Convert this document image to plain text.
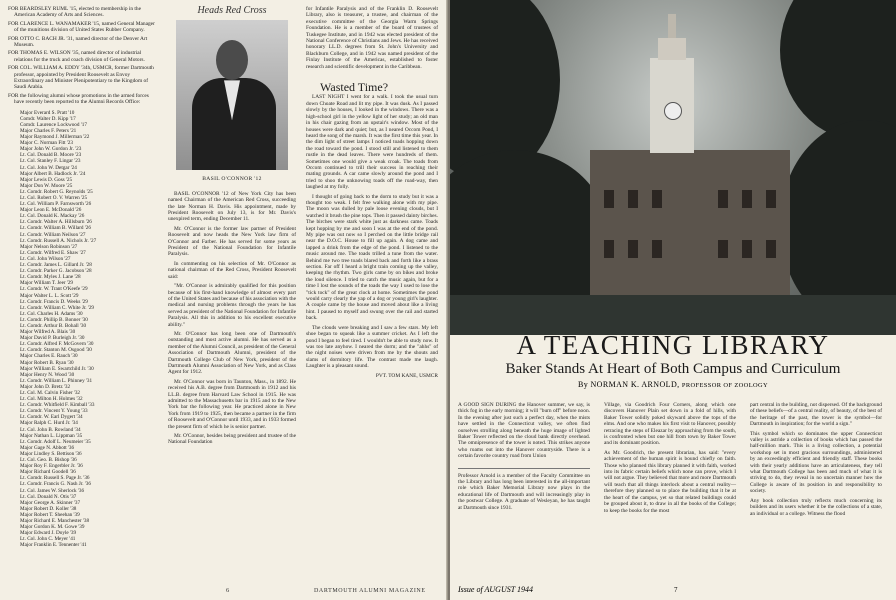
FOR BEARDSLEY RUML '15, elected to membership in the American Academy of Arts and Sciences.

FOR CLARENCE L. WANAMAKER '15, named General Manager of the munitions division of United States Rubber Company.

FOR OTTO C. BACH JR. '31, named director of the Denver Art Museum.

FOR THOMAS E. WILSON '35, named director of industrial relations for the truck and coach division of General Motors.

FOR COL. WILLIAM A. EDDY '34h, USMCR, former Dartmouth professor, appointed by President Roosevelt as Envoy Extraordinary and Minister Plenipotentiary to the Kingdom of Saudi Arabia.

FOR the following alumni whose promotions in the armed forces have recently been reported to the Alumni Records Office:

Major Everard S. Pratt '10
Comdr. Walter D. Kipp '17
Comdr. Laurence Lockwood '17
Major Charles F. Peters '21
Major Raymond J. Millerman '22
Major C. Norman Fitt '23
Major John W. Gordon Jr. '23
Lt. Col. Donald B. Moore '23
Lt. Col. Stanley F. Lingar '23
Lt. Col. John W. Detgar '24
Major Albert B. Hadlock Jr. '24
Major Lewis D. Goss '25
Major Don W. Moore '25
Lt. Comdr. Robert G. Reynolds '25
Lt. Col. Robert O. V. Warren '25
Lt. Col. William P. Farnsworth '26
Major Leon E. McDonald '26
Lt. Col. Donald K. Mackay '26
Lt. Comdr. Walter A. Hillsburn '26
Lt. Comdr. William B. Willard '26
Lt. Comdr. William Neilson '27
Lt. Comdr. Russell A. Nichols Jr. '27
Major Nelson Robinson '27
Lt. Comdr. Wilfred E. Shaw '27
Lt. Col. John Wilson '27
Lt. Comdr. James L. Gillard Jr. '28
Lt. Comdr. Parker G. Jacobson '28
Lt. Comdr. Myles J. Lane '28
Major William T. Jeer '29
Lt. Comdr. W. Trant O'Keefe '29
Major Walter L. L. Scott '29
Lt. Comdr. Francis D. Weeks '29
Lt. Comdr. William C. White Jr. '29
Lt. Col. Charles H. Adams '30
Lt. Comdr. Phillip B. Bonner '30
Lt. Comdr. Arthur B. Bohall '30
Major Wilfred A. Blais '30
Major David P. Burleigh Jr. '30
Lt. Comdr. Alfred F. McGovern '30
Lt. Comdr. Stanton M. Osgood '30
Major Charles E. Rauch '30
Major Robert B. Ryan '30
Major William E. Swartchild Jr. '30
Major Henry N. Wood '30
Lt. Comdr. William L. Phinney '31
Major John D. Bretz '32
Lt. Col. M. Calvin Fisher '32
Lt. Col. Milton H. Holmes '32
Lt. Comdr. Whitfield F. Kimball '33
Lt. Comdr. Vincent Y. Young '33
Lt. Comdr. W. Earl Dygert '34
Major Ralph C. Hurd Jr. '34
Lt. Col. John B. Rowland '34
Major Nathan L. Lippman '35
Lt. Comdr. Adolf L. Neumeier '35
Major Gage N. Abbott '36
Major Lindley S. Bettison '36
Lt. Col. Geo. B. Bishop '36
Major Roy F. Engerbler Jr. '36
Major Richard Goodell '36
Lt. Comdr. Russell S. Page Jr. '36
Lt. Comdr. Francis G. Nash Jr. '36
Lt. Col. James W. Sherlock '36
Lt. Col. Donald N. Otis '37
Major George A. Skinner '37
Major Robert D. Koller '38
Major Robert T. Sheehan '39
Major Richard E. Manchester '38
Major Gordon K. M. Gowe '39
Major Edward J. Doyle '39
Lt. Col. John C. Meyer '41
Major Franklin E. Tennenter '41
Heads Red Cross
BASIL O'CONNOR '12

BASIL O'CONNOR '12 of New York City has been named Chairman of the American Red Cross, succeeding the late Norman H. Davis. His appointment, made by President Roosevelt on July 13, is for Mr. Davis's unexpired term, ending December 11.

Mr. O'Connor is the former law partner of President Roosevelt and now heads the New York law firm of O'Connor and Farber. He has served for some years as President of the National Foundation for Infantile Paralysis.

In commenting on his selection of Mr. O'Connor as national chairman of the Red Cross, President Roosevelt said:

"Mr. O'Connor is admirably qualified for this position because of his first-hand knowledge of almost every part of the United States and because of his association with the medical and nursing problems through the years he has served as president of the National Foundation for Infantile Paralysis. All this in addition to his excellent executive ability."

Mr. O'Connor has long been one of Dartmouth's outstanding and most active alumni. He has served as a member of the Alumni Council, as president of the General Association of Dartmouth Alumni, president of the Dartmouth College Club of New York, president of the Dartmouth Alumni Association of New York, and as Class Agent for 1912.

Mr. O'Connor was born in Taunton, Mass., in 1892. He received his A.B. degree from Dartmouth in 1912 and his LL.B. degree from Harvard Law School in 1915. He was admitted to the Massachusetts bar in 1915 and to the New York bar the following year. He practiced alone in New York from 1919 to 1925, then became a partner in the firm of Roosevelt and O'Connor until 1933, and in 1933 formed the present firm of which he is senior partner.

Mr. O'Connor, besides being president and trustee of the National Foundation

6

for Infantile Paralysis and of the Franklin D. Roosevelt Library, also is treasurer, a trustee, and chairman of the executive committee of the Georgia Warm Springs Foundation. He is a member of the board of trustees of Tuskegee Institute, and in 1942 was elected president of the National Conference of Christians and Jews. He has received honorary LL.D. degrees from St. John's University and Blackburn College, and in 1942 was named president of the Finlay Institute of the Americas, established to foster research and scientific development in the Caribbean.

Wasted Time?

LAST NIGHT I went for a walk. I took the usual turn down Choate Road and lit my pipe. It was dusk. As I passed slowly by the houses, I looked in the windows. There was a high-school girl in the yellow light of her study; an old man in his chair gazing from an upstair's window. Most of the houses were dark and quiet; but, as I neared Occom Pond, I heard the song of the marsh. It was the first time this year. In the dim light of street lamps I noticed toads hopping down the road toward the pond. I stood still and listened to them rustle in the dead leaves. There were hundreds of them. Sometimes one would give a weak croak. The toads from Occom continued to trill their success in reaching their mating grounds. A car came slowly around the pond and I tried to shoo the unknowing toads off the road-way, then laughed at my folly.

I thought of going back to the dorm to study but it was a thought too weak. I felt free walking alone with my pipe. The moon was dulled by pale loose evening clouds, but I watched it brush the pine tops. Then it passed dainty birches. The birches were stark white just as darkness came. Toads kept hopping by me and soon I was at the end of the pond. My pipe was out now so I perched on the little bridge rail near the D.O.C. House to fill up again. A dog came and lapped a drink from the edge of the pond. I listened to the music around me. The toads trilled a tune from the water. Behind me two tree toads blared back and forth like a brass section. Far off I heard a bright train coming up the valley, keeping the rhythm. Two girls came by on bikes and broke the loud silence. I tried to catch the music again, but for a time I lost the sounds of the toads the way I used to lose the "tick tock" of the great clock at home. Sometimes the pond would carry clearly the yap of a dog or young girl's laughter. A couple came by the house and moved about like a living hint. I paused to myself and swung over the rail and started back.

The clouds were breaking and I saw a few stars. My left shoe began to squeak like a summer cricket. As I left the pond I began to feel tired. I wouldn't be able to study now. It was too late anyhow. I neared the dorm; and the "ahhs" of the night noises were driven from me by the shouts and slams of dormitory life. The contrast made me laugh. Laughter is a pleasant sound.

PVT. TOM KANE, USMCR
DARTMOUTH ALUMNI MAGAZINE
A TEACHING LIBRARY
Baker Stands At Heart of Both Campus and Curriculum
By NORMAN K. ARNOLD, PROFESSOR OF ZOOLOGY

A GOOD SIGN DURING the Hanover summer, we say, is thick fog in the early morning; it will "burn off" before noon. In the evening after just such a perfect day, when the mists have settled in the Connecticut valley, we often find ourselves strolling along beneath the huge image of lighted Baker Tower reflected on the cloud bank directly overhead. The omnipresence of the tower is noted. This strikes anyone who roams out into the Hanover countryside. There is a certain favorite country road from Union

Professor Arnold is a member of the Faculty Committee on the Library and has long been interested in the all-important role which Baker Memorial Library now plays in the educational life of Dartmouth and will increasingly play in the postwar College. A graduate of Wesleyan, he has taught at Dartmouth since 1931.

Village, via Goodrich Four Corners, along which one discovers Hanover Plain set down in a fold of hills, with Baker Tower solidly poked skyward above the tops of the elms. And one who makes his first visit to Hanover, possibly retracing the steps of Eleazar by approaching from the south, is confronted when but one hill from town by Baker Tower and its dominant position.

As Mr. Goodrich, the present librarian, has said: "every achievement of the human spirit is bound chiefly on faith. Those who planned this library planned it with faith, worked into its fabric certain beliefs which none can prove, which I will not argue. They believed that more and more Dartmouth will teach that all things interlock about a central reality—therefore they planned so to place the building that it be at the heart of the campus, yet so that related buildings could be grouped about it, to draw in all the books of the College; to keep the books for the most

part central in the building, not dispersed. Of the background of these beliefs—of a central reality, of beauty, of the best of the heritage of the past, the tower is the symbol—for Dartmouth in inspiration; for the world a sign."

This symbol which so dominates the upper Connecticut valley is astride a collection of books which has passed the half-million mark. This is a living collection, a potential workshop set in most gracious surroundings, administered by an exceedingly efficient and friendly staff. These books with their yearly additions have an articulateness, they tell what Dartmouth College has been and much of what it is striving to do, they reveal in no uncertain manner how the College is aware of its position in and responsibility to society.

Any book collection truly reflects much concerning its builders and its users whether it be the collections of a state, an individual or a college. Witness the flood

Issue of AUGUST 1944	7
